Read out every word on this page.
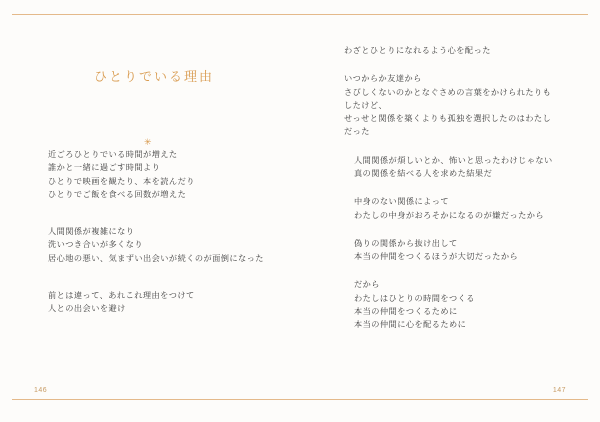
ひとりでいる理由
✳
近ごろひとりでいる時間が増えた
誰かと一緒に過ごす時間より
ひとりで映画を観たり、本を読んだり
ひとりでご飯を食べる回数が増えた
人間関係が複雑になり
洗いつき合いが多くなり
居心地の悪い、気まずい出会いが続くのが面倒になった
前とは違って、あれこれ理由をつけて
人との出会いを避け
146
わざとひとりになれるよう心を配った
いつからか友達から
さびしくないのかとなぐさめの言葉をかけられたりもしたけど、
せっせと関係を築くよりも孤独を選択したのはわたしだった
人間関係が煩しいとか、怖いと思ったわけじゃない
真の関係を結べる人を求めた結果だ
中身のない関係によって
わたしの中身がおろそかになるのが嫌だったから
偽りの関係から抜け出して
本当の仲間をつくるほうが大切だったから
だから
わたしはひとりの時間をつくる
本当の仲間をつくるために
本当の仲間に心を配るために
147
